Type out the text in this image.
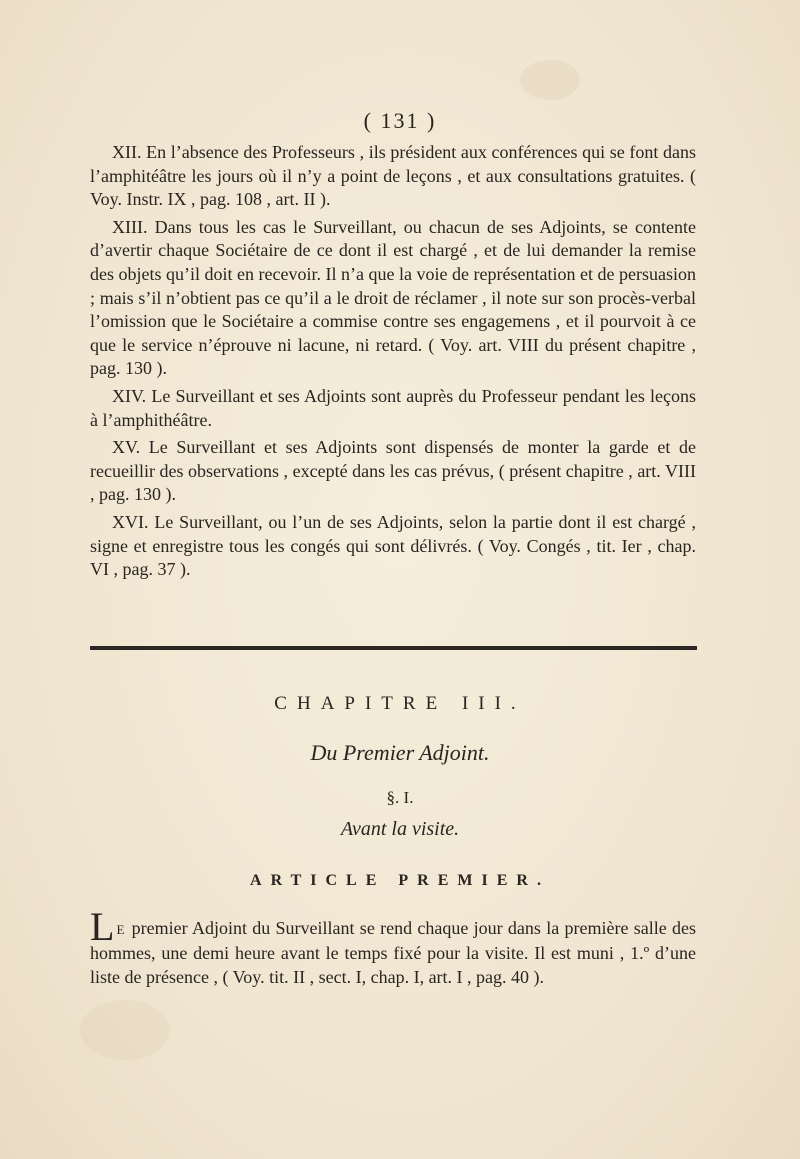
( 131 )

XII. En l’absence des Professeurs , ils président aux conférences qui se font dans l’amphitéâtre les jours où il n’y a point de leçons , et aux consultations gratuites. ( Voy. Instr. IX , pag. 108 , art. II ).

XIII. Dans tous les cas le Surveillant, ou chacun de ses Adjoints, se contente d’avertir chaque Sociétaire de ce dont il est chargé , et de lui demander la remise des objets qu’il doit en recevoir. Il n’a que la voie de représentation et de persuasion ; mais s’il n’obtient pas ce qu’il a le droit de réclamer , il note sur son procès-verbal l’omission que le Sociétaire a commise contre ses engagemens , et il pourvoit à ce que le service n’éprouve ni lacune, ni retard. ( Voy. art. VIII du présent chapitre , pag. 130 ).

XIV. Le Surveillant et ses Adjoints sont auprès du Professeur pendant les leçons à l’amphithéâtre.

XV. Le Surveillant et ses Adjoints sont dispensés de monter la garde et de recueillir des observations , excepté dans les cas prévus, ( présent chapitre , art. VIII , pag. 130 ).

XVI. Le Surveillant, ou l’un de ses Adjoints, selon la partie dont il est chargé , signe et enregistre tous les congés qui sont délivrés. ( Voy. Congés , tit. Ier , chap. VI , pag. 37 ).

CHAPITRE III.
Du Premier Adjoint.
§. I.
Avant la visite.
ARTICLE PREMIER.
L E premier Adjoint du Surveillant se rend chaque jour dans la première salle des hommes, une demi heure avant le temps fixé pour la visite. Il est muni , 1.º d’une liste de présence , ( Voy. tit. II , sect. I, chap. I, art. I , pag. 40 ).
